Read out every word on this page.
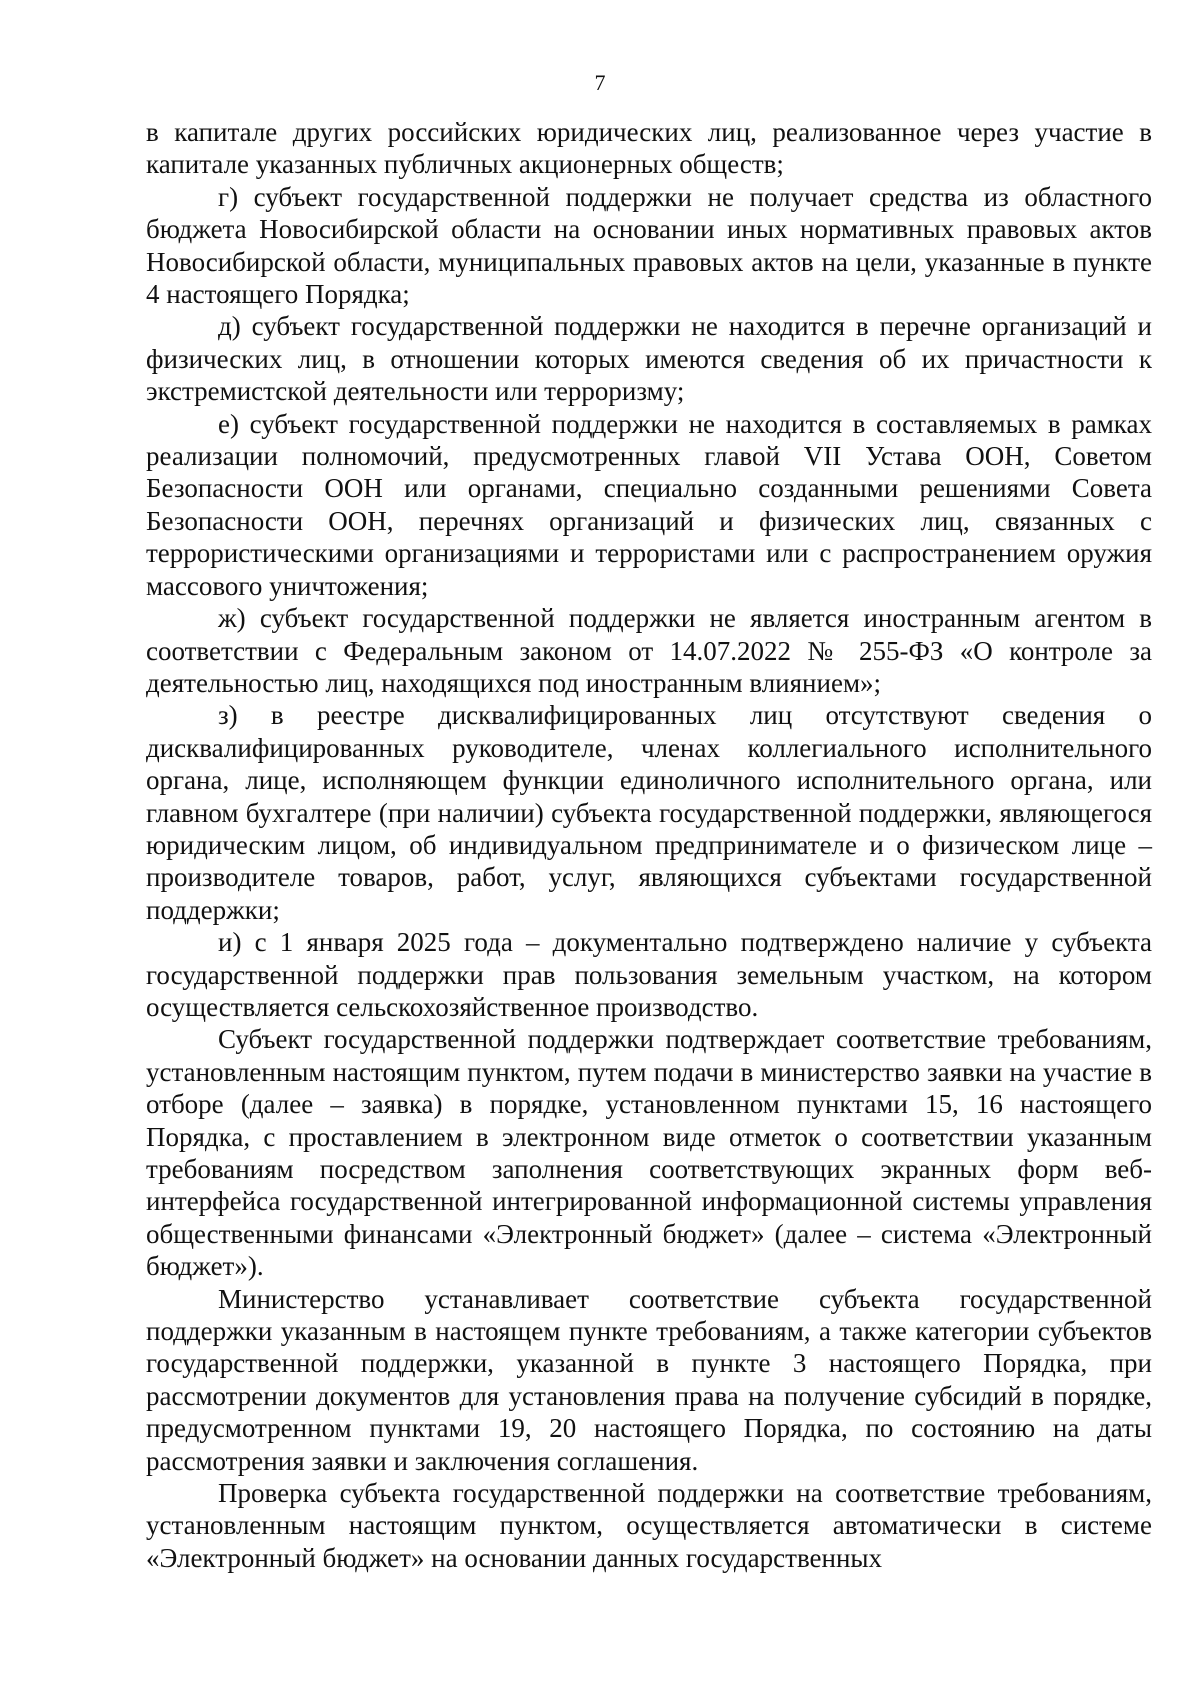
7

в капитале других российских юридических лиц, реализованное через участие в капитале указанных публичных акционерных обществ;

г) субъект государственной поддержки не получает средства из областного бюджета Новосибирской области на основании иных нормативных правовых актов Новосибирской области, муниципальных правовых актов на цели, указанные в пункте 4 настоящего Порядка;

д) субъект государственной поддержки не находится в перечне организаций и физических лиц, в отношении которых имеются сведения об их причастности к экстремистской деятельности или терроризму;

е) субъект государственной поддержки не находится в составляемых в рамках реализации полномочий, предусмотренных главой VII Устава ООН, Советом Безопасности ООН или органами, специально созданными решениями Совета Безопасности ООН, перечнях организаций и физических лиц, связанных с террористическими организациями и террористами или с распространением оружия массового уничтожения;

ж) субъект государственной поддержки не является иностранным агентом в соответствии с Федеральным законом от 14.07.2022 № 255-ФЗ «О контроле за деятельностью лиц, находящихся под иностранным влиянием»;

з) в реестре дисквалифицированных лиц отсутствуют сведения о дисквалифицированных руководителе, членах коллегиального исполнительного органа, лице, исполняющем функции единоличного исполнительного органа, или главном бухгалтере (при наличии) субъекта государственной поддержки, являющегося юридическим лицом, об индивидуальном предпринимателе и о физическом лице – производителе товаров, работ, услуг, являющихся субъектами государственной поддержки;

и) с 1 января 2025 года – документально подтверждено наличие у субъекта государственной поддержки прав пользования земельным участком, на котором осуществляется сельскохозяйственное производство.

Субъект государственной поддержки подтверждает соответствие требованиям, установленным настоящим пунктом, путем подачи в министерство заявки на участие в отборе (далее – заявка) в порядке, установленном пунктами 15, 16 настоящего Порядка, с проставлением в электронном виде отметок о соответствии указанным требованиям посредством заполнения соответствующих экранных форм веб-интерфейса государственной интегрированной информационной системы управления общественными финансами «Электронный бюджет» (далее – система «Электронный бюджет»).

Министерство устанавливает соответствие субъекта государственной поддержки указанным в настоящем пункте требованиям, а также категории субъектов государственной поддержки, указанной в пункте 3 настоящего Порядка, при рассмотрении документов для установления права на получение субсидий в порядке, предусмотренном пунктами 19, 20 настоящего Порядка, по состоянию на даты рассмотрения заявки и заключения соглашения.

Проверка субъекта государственной поддержки на соответствие требованиям, установленным настоящим пунктом, осуществляется автоматически в системе «Электронный бюджет» на основании данных государственных
